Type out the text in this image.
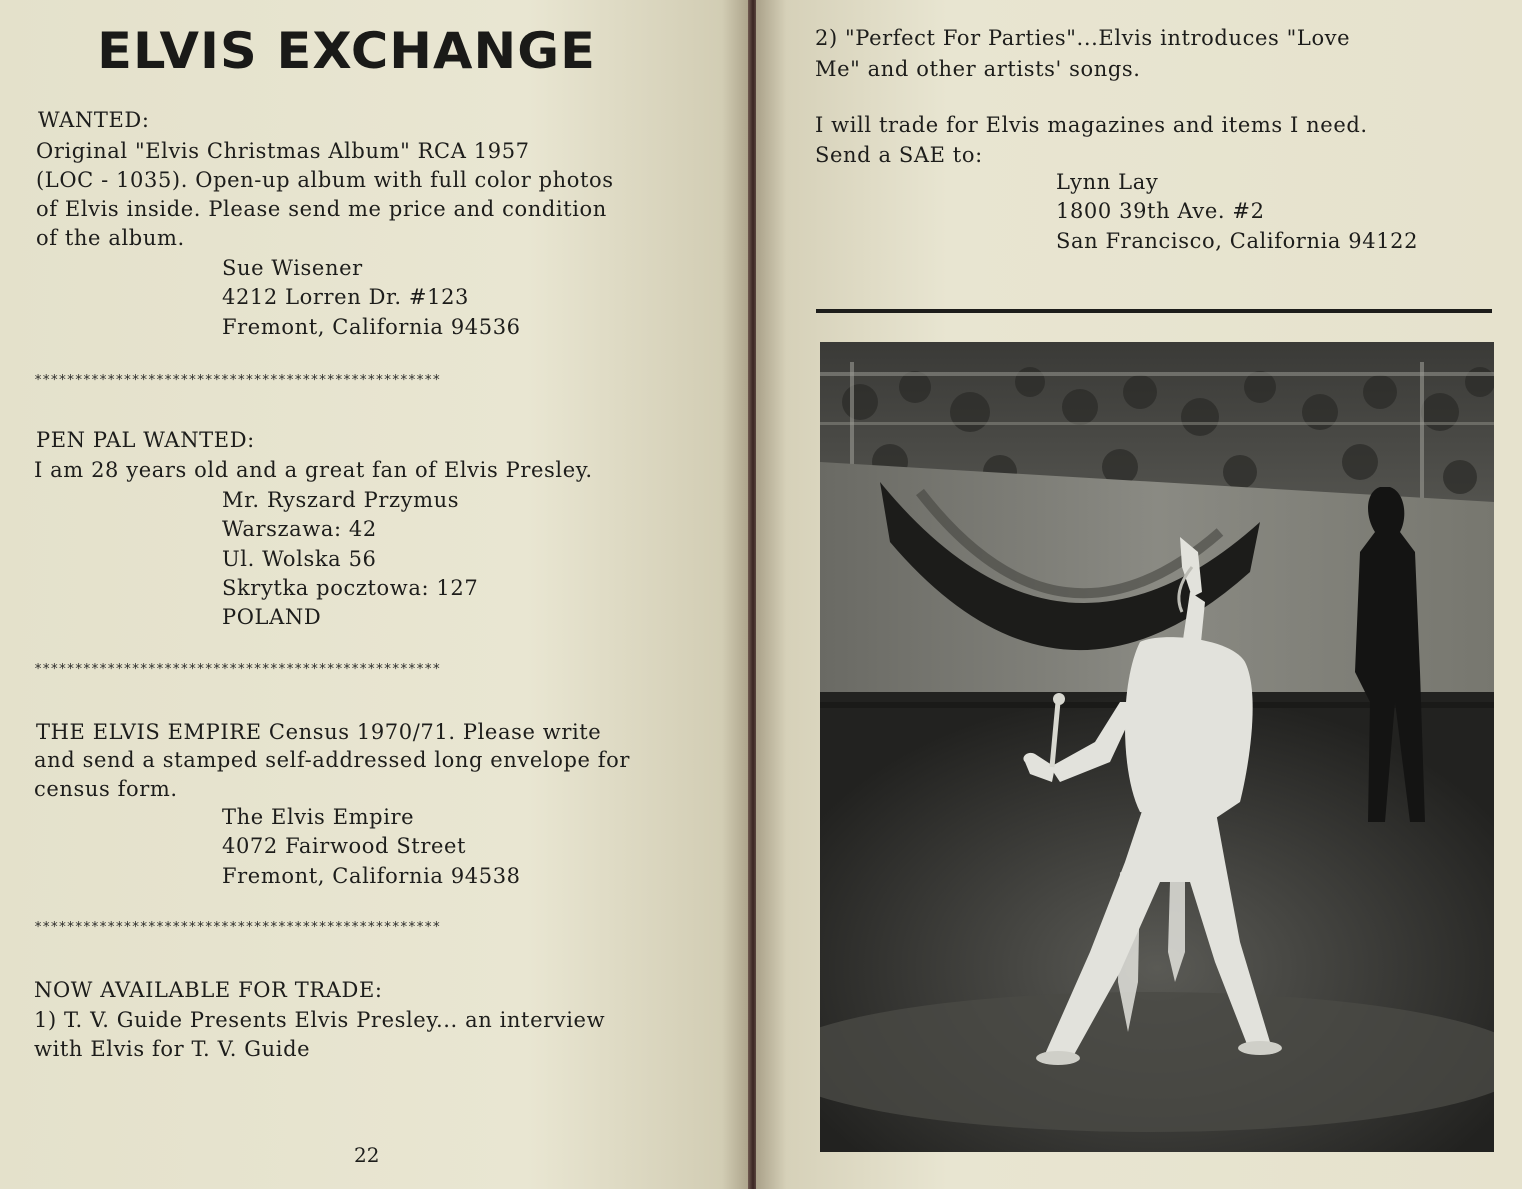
ELVIS EXCHANGE

WANTED:

Original "Elvis Christmas Album" RCA 1957

(LOC - 1035). Open-up album with full color photos

of Elvis inside. Please send me price and condition

of the album.

Sue Wisener
4212 Lorren Dr. #123
Fremont, California 94536

**************************************************

PEN PAL WANTED:

I am 28 years old and a great fan of Elvis Presley.

Mr. Ryszard Przymus
Warszawa: 42
Ul. Wolska 56
Skrytka pocztowa: 127
POLAND

**************************************************

THE ELVIS EMPIRE Census 1970/71. Please write

and send a stamped self-addressed long envelope for

census form.

The Elvis Empire
4072 Fairwood Street
Fremont, California 94538

**************************************************

NOW AVAILABLE FOR TRADE:

1) T. V. Guide Presents Elvis Presley... an interview

with Elvis for T. V. Guide

22

2) "Perfect For Parties"...Elvis introduces "Love

Me" and other artists' songs.

I will trade for Elvis magazines and items I need.

Send a SAE to:

Lynn Lay
1800 39th Ave. #2
San Francisco, California 94122
